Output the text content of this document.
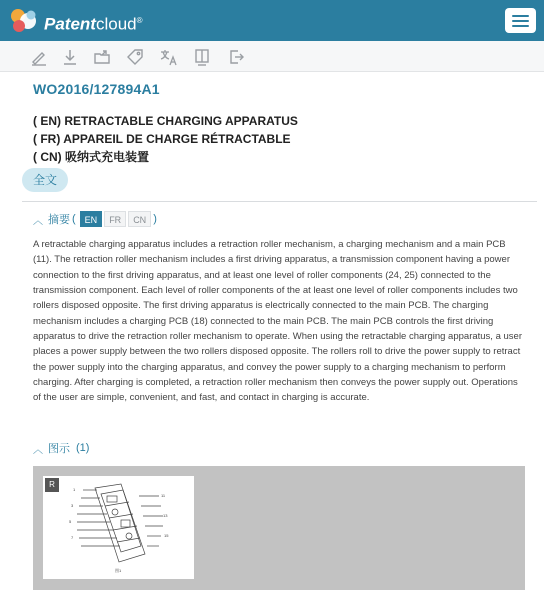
Patentcloud®
WO2016/127894A1
( EN) RETRACTABLE CHARGING APPARATUS
( FR) APPAREIL DE CHARGE RÉTRACTABLE
( CN) 吸纳式充电装置
全文
︿ 摘要 (	EN	FR	CN )
A retractable charging apparatus includes a retraction roller mechanism, a charging mechanism and a main PCB (11). The retraction roller mechanism includes a first driving apparatus, a transmission component having a power connection to the first driving apparatus, and at least one level of roller components (24, 25) connected to the transmission component. Each level of roller components of the at least one level of roller components includes two rollers disposed opposite. The first driving apparatus is electrically connected to the main PCB. The charging mechanism includes a charging PCB (18) connected to the main PCB. The main PCB controls the first driving apparatus to drive the retraction roller mechanism to operate. When using the retractable charging apparatus, a user places a power supply between the two rollers disposed opposite. The rollers roll to drive the power supply to retract the power supply into the charging apparatus, and convey the power supply to a charging mechanism to perform charging. After charging is completed, a retraction roller mechanism then conveys the power supply out. Operations of the user are simple, convenient, and fast, and contact in charging is accurate.
︿ 图示 (1)
R
1
3
5
7
11
13
15
图1
